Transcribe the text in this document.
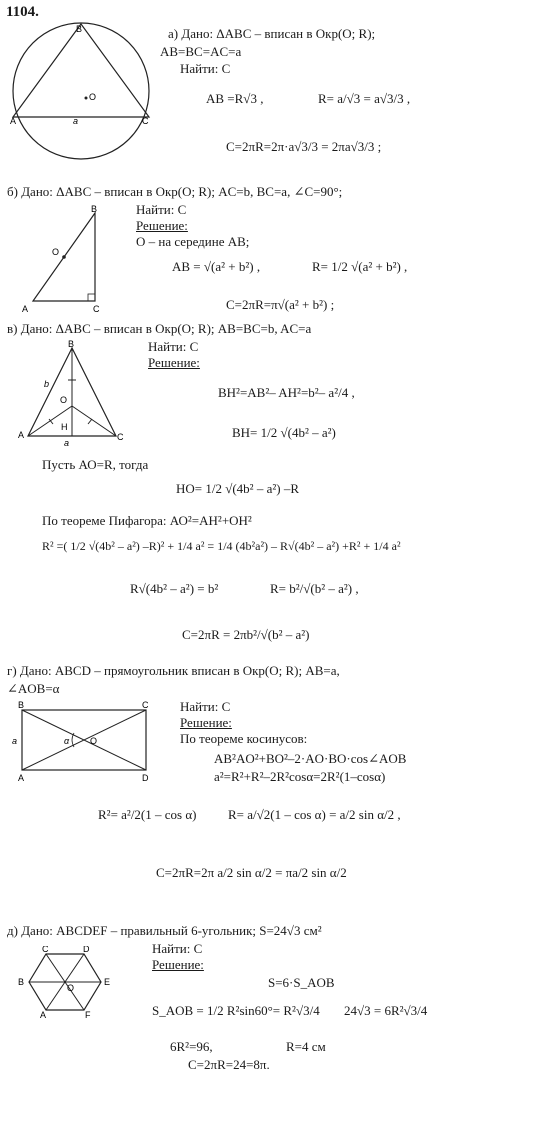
1104.
B
A	C
O
a
а) Дано: ΔABC – вписан в Окр(О; R);
AB=BC=AC=a
Найти: С
AB =R√3 ,	R= a/√3 = a√3/3 ,
C=2πR=2π·a√3/3 = 2πa√3/3 ;
б) Дано: ΔABC – вписан в Окр(О; R); AC=b, BC=a, ∠C=90°;
B
O
A	C
Найти: С
Решение:
О – на середине АВ;
AB = √(a² + b²) ,	R= 1/2 √(a² + b²) ,
C=2πR=π√(a² + b²) ;
в) Дано: ΔABC – вписан в Окр(О; R); AB=BC=b, AC=a
B
b
O
A
H
a
C
Найти: С
Решение:
BH²=AB²– AH²=b²– a²/4 ,
BH= 1/2 √(4b² – a²)
Пусть АО=R, тогда
HO= 1/2 √(4b² – a²) –R
По теореме Пифагора: АО²=АН²+ОН²
R² =( 1/2 √(4b² – a²) –R)² + 1/4 a² = 1/4 (4b²a²) – R√(4b² – a²) +R² + 1/4 a²
R√(4b² – a²) = b²	R= b²/√(b² – a²) ,
C=2πR = 2πb²/√(b² – a²)
г) Дано: ABCD – прямоугольник вписан в Окр(О; R); AB=a,
∠AOB=α
B	C
a	α O
A	D
Найти: С
Решение:
По теореме косинусов:
AB²AO²+BO²–2·AO·BO·cos∠AOB
a²=R²+R²–2R²cosα=2R²(1–cosα)
R²= a²/2(1 – cos α) R= a/√2(1 – cos α) = a/2 sin α/2 ,
C=2πR=2π a/2 sin α/2 = πa/2 sin α/2
д) Дано: ABCDEF – правильный 6-угольник; S=24√3 см²
C	D
B
O
E
A	F
Найти: С
Решение:
S=6·S_AOB
S_AOB = 1/2 R²sin60°= R²√3/4 24√3 = 6R²√3/4
6R²=96,	R=4 см
C=2πR=24=8π.
